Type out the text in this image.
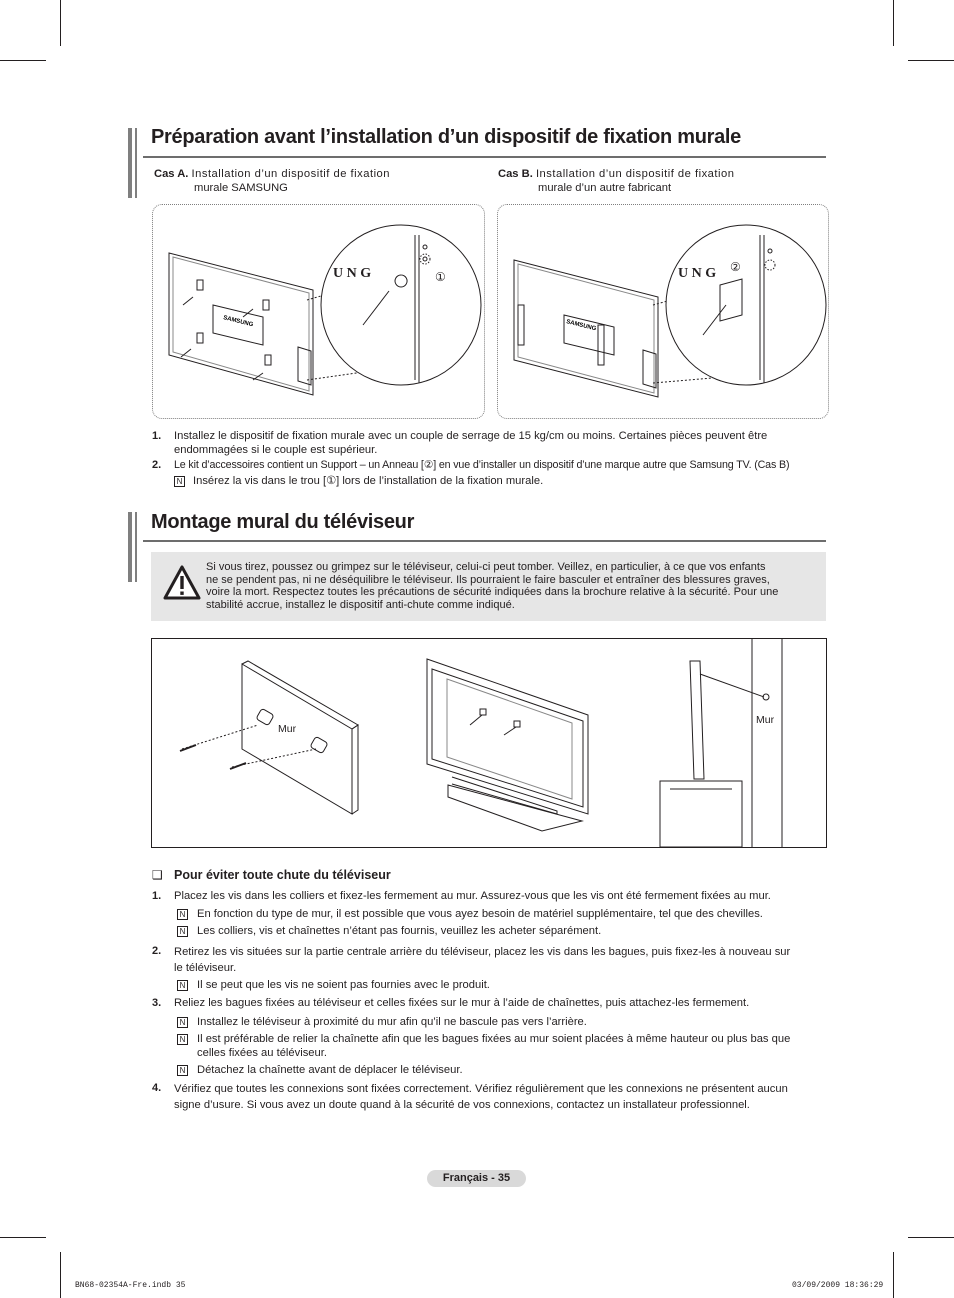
Préparation avant l’installation d’un dispositif de fixation murale
Cas A. Installation d’un dispositif de fixation
murale SAMSUNG
Cas B. Installation d’un dispositif de fixation
murale d’un autre fabricant
SAMSUNG
U N G	①
SAMSUNG
U N G ②
1. Installez le dispositif de fixation murale avec un couple de serrage de 15 kg/cm ou moins. Certaines pièces peuvent être
endommagées si le couple est supérieur.
2. Le kit d’accessoires contient un Support – un Anneau [②] en vue d’installer un dispositif d’une marque autre que Samsung TV. (Cas B)
N Insérez la vis dans le trou [①] lors de l’installation de la fixation murale.
Montage mural du téléviseur
Si vous tirez, poussez ou grimpez sur le téléviseur, celui-ci peut tomber. Veillez, en particulier, à ce que vos enfants
ne se pendent pas, ni ne déséquilibre le téléviseur. Ils pourraient le faire basculer et entraîner des blessures graves,
voire la mort. Respectez toutes les précautions de sécurité indiquées dans la brochure relative à la sécurité. Pour une
stabilité accrue, installez le dispositif anti-chute comme indiqué.
Mur
Mur
❑ Pour éviter toute chute du téléviseur
1. Placez les vis dans les colliers et fixez-les fermement au mur. Assurez-vous que les vis ont été fermement fixées au mur.
N En fonction du type de mur, il est possible que vous ayez besoin de matériel supplémentaire, tel que des chevilles.
N Les colliers, vis et chaînettes n’étant pas fournis, veuillez les acheter séparément.
2. Retirez les vis situées sur la partie centrale arrière du téléviseur, placez les vis dans les bagues, puis fixez-les à nouveau sur
le téléviseur.
N Il se peut que les vis ne soient pas fournies avec le produit.
3. Reliez les bagues fixées au téléviseur et celles fixées sur le mur à l’aide de chaînettes, puis attachez-les fermement.
N Installez le téléviseur à proximité du mur afin qu’il ne bascule pas vers l’arrière.
N Il est préférable de relier la chaînette afin que les bagues fixées au mur soient placées à même hauteur ou plus bas que
celles fixées au téléviseur.
N Détachez la chaînette avant de déplacer le téléviseur.
4. Vérifiez que toutes les connexions sont fixées correctement. Vérifiez régulièrement que les connexions ne présentent aucun
signe d’usure. Si vous avez un doute quand à la sécurité de vos connexions, contactez un installateur professionnel.
Français - 35
BN68-02354A-Fre.indb 35	03/09/2009 18:36:29
